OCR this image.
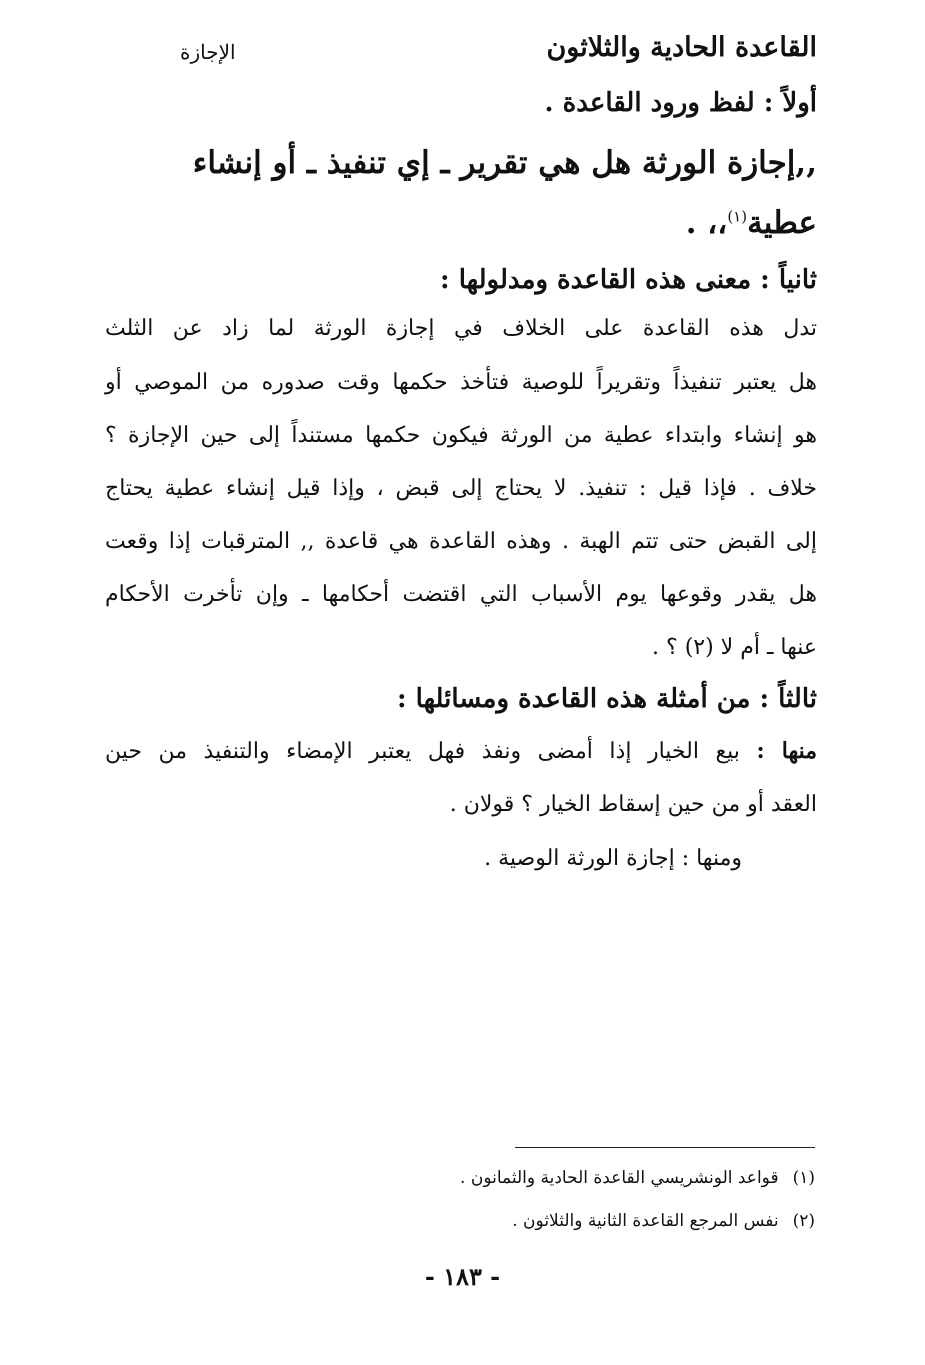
القاعدة الحادية والثلاثون
الإجازة
أولاً : لفظ ورود القاعدة .
,,إجازة الورثة هل هي تقرير ـ إي تنفيذ ـ أو إنشاء
عطية$^{(١)}$،، .
ثانياً : معنى هذه القاعدة ومدلولها :
تدل هذه القاعدة على الخلاف في إجازة الورثة لما زاد عن الثلث
هل يعتبر تنفيذاً وتقريراً للوصية فتأخذ حكمها وقت صدوره من الموصي أو
هو إنشاء وابتداء عطية من الورثة فيكون حكمها مستنداً إلى حين الإجازة ؟
خلاف . فإذا قيل : تنفيذ. لا يحتاج إلى قبض ، وإذا قيل إنشاء عطية يحتاج
إلى القبض حتى تتم الهبة . وهذه القاعدة هي قاعدة ,, المترقبات إذا وقعت
هل يقدر وقوعها يوم الأسباب التي اقتضت أحكامها ـ وإن تأخرت الأحكام
عنها ـ أم لا (٢) ؟ .
ثالثاً : من أمثلة هذه القاعدة ومسائلها :
منها : بيع الخيار إذا أمضى ونفذ فهل يعتبر الإمضاء والتنفيذ من حين
العقد أو من حين إسقاط الخيار ؟ قولان .
ومنها : إجازة الورثة الوصية .
(١)قواعد الونشريسي القاعدة الحادية والثمانون .
(٢)نفس المرجع القاعدة الثانية والثلاثون .
- ١٨٣ -
